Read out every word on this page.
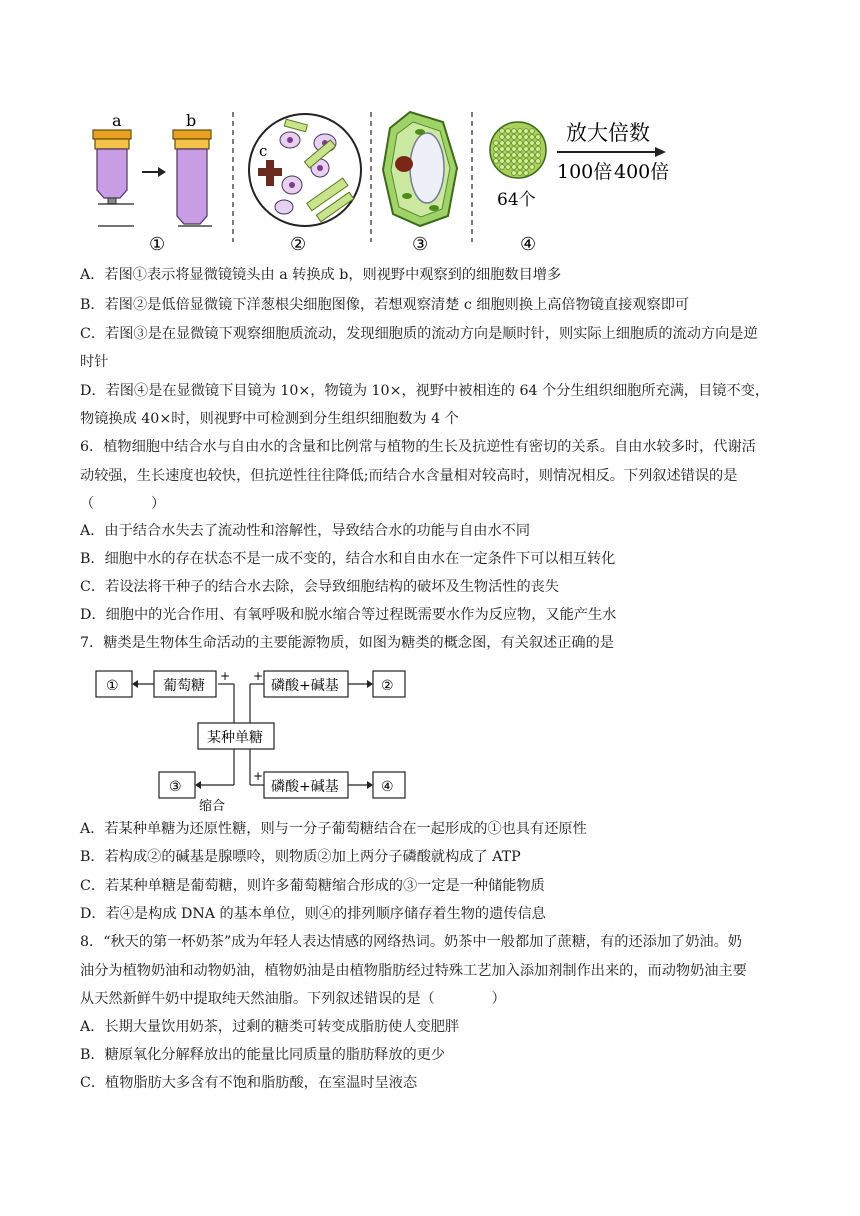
a	b
①
c
②	③
64个
放大倍数
100倍 400倍
④
A．若图①表示将显微镜镜头由 a 转换成 b，则视野中观察到的细胞数目增多
B．若图②是低倍显微镜下洋葱根尖细胞图像，若想观察清楚 c 细胞则换上高倍物镜直接观察即可
C．若图③是在显微镜下观察细胞质流动，发现细胞质的流动方向是顺时针，则实际上细胞质的流动方向是逆
时针
D．若图④是在显微镜下目镜为 10×，物镜为 10×，视野中被相连的 64 个分生组织细胞所充满，目镜不变，
物镜换成 40×时，则视野中可检测到分生组织细胞数为 4 个
6．植物细胞中结合水与自由水的含量和比例常与植物的生长及抗逆性有密切的关系。自由水较多时，代谢活
动较强，生长速度也较快，但抗逆性往往降低;而结合水含量相对较高时，则情况相反。下列叙述错误的是
（　　　　）
A．由于结合水失去了流动性和溶解性，导致结合水的功能与自由水不同
B．细胞中水的存在状态不是一成不变的，结合水和自由水在一定条件下可以相互转化
C．若设法将干种子的结合水去除，会导致细胞结构的破坏及生物活性的丧失
D．细胞中的光合作用、有氧呼吸和脱水缩合等过程既需要水作为反应物，又能产生水
7．糖类是生物体生命活动的主要能源物质，如图为糖类的概念图，有关叙述正确的是
①	葡萄糖	磷酸+碱基	②
某种单糖
③
缩合
磷酸+碱基	④
+ +
+
A．若某种单糖为还原性糖，则与一分子葡萄糖结合在一起形成的①也具有还原性
B．若构成②的碱基是腺嘌呤，则物质②加上两分子磷酸就构成了 ATP
C．若某种单糖是葡萄糖，则许多葡萄糖缩合形成的③一定是一种储能物质
D．若④是构成 DNA 的基本单位，则④的排列顺序储存着生物的遗传信息
8．“秋天的第一杯奶茶”成为年轻人表达情感的网络热词。奶茶中一般都加了蔗糖，有的还添加了奶油。奶
油分为植物奶油和动物奶油，植物奶油是由植物脂肪经过特殊工艺加入添加剂制作出来的，而动物奶油主要
从天然新鲜牛奶中提取纯天然油脂。下列叙述错误的是（　　　　）
A．长期大量饮用奶茶，过剩的糖类可转变成脂肪使人变肥胖
B．糖原氧化分解释放出的能量比同质量的脂肪释放的更少
C．植物脂肪大多含有不饱和脂肪酸，在室温时呈液态
